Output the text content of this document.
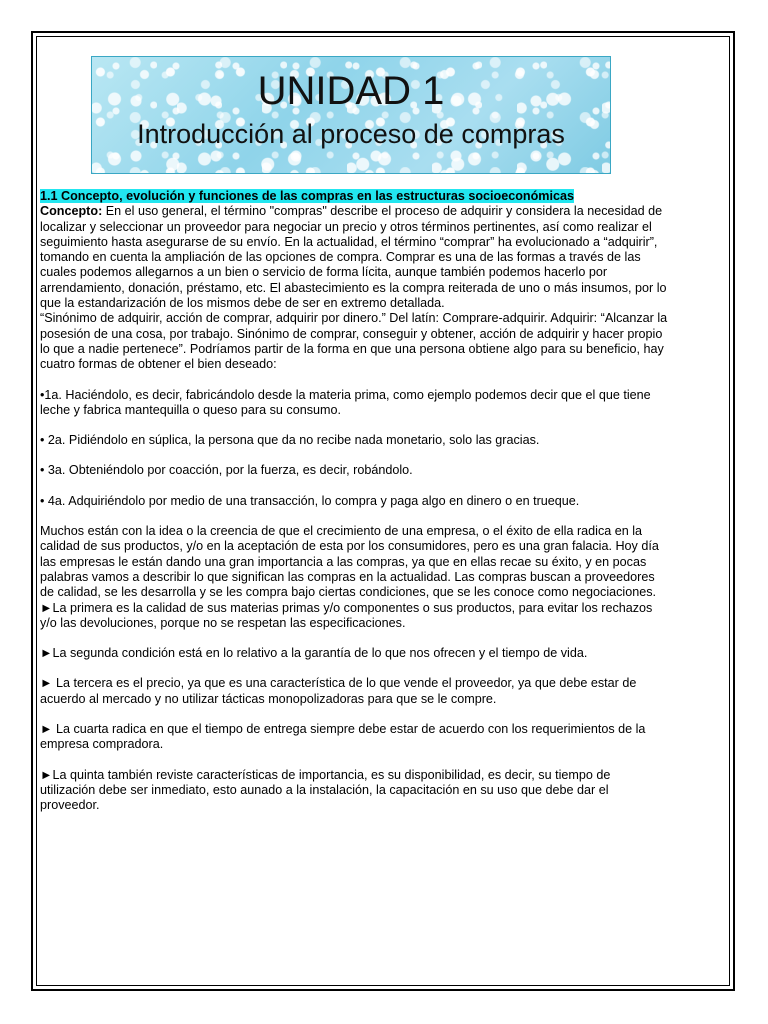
UNIDAD 1
Introducción al proceso de compras

1.1 Concepto, evolución y funciones de las compras en las estructuras socioeconómicas

Concepto: En el uso general, el término "compras" describe el proceso de adquirir y considera la necesidad de localizar y seleccionar un proveedor para negociar un precio y otros términos pertinentes, así como realizar el seguimiento hasta asegurarse de su envío. En la actualidad, el término “comprar” ha evolucionado a “adquirir”, tomando en cuenta la ampliación de las opciones de compra. Comprar es una de las formas a través de las cuales podemos allegarnos a un bien o servicio de forma lícita, aunque también podemos hacerlo por arrendamiento, donación, préstamo, etc. El abastecimiento es la compra reiterada de uno o más insumos, por lo que la estandarización de los mismos debe de ser en extremo detallada.

“Sinónimo de adquirir, acción de comprar, adquirir por dinero.” Del latín: Comprare-adquirir. Adquirir: “Alcanzar la posesión de una cosa, por trabajo. Sinónimo de comprar, conseguir y obtener, acción de adquirir y hacer propio lo que a nadie pertenece”. Podríamos partir de la forma en que una persona obtiene algo para su beneficio, hay cuatro formas de obtener el bien deseado:

•1a. Haciéndolo, es decir, fabricándolo desde la materia prima, como ejemplo podemos decir que el que tiene leche y fabrica mantequilla o queso para su consumo.

• 2a. Pidiéndolo en súplica, la persona que da no recibe nada monetario, solo las gracias.

• 3a. Obteniéndolo por coacción, por la fuerza, es decir, robándolo.

• 4a. Adquiriéndolo por medio de una transacción, lo compra y paga algo en dinero o en trueque.

Muchos están con la idea o la creencia de que el crecimiento de una empresa, o el éxito de ella radica en la calidad de sus productos, y/o en la aceptación de esta por los consumidores, pero es una gran falacia. Hoy día las empresas le están dando una gran importancia a las compras, ya que en ellas recae su éxito, y en pocas palabras vamos a describir lo que significan las compras en la actualidad. Las compras buscan a proveedores de calidad, se les desarrolla y se les compra bajo ciertas condiciones, que se les conoce como negociaciones.

►La primera es la calidad de sus materias primas y/o componentes o sus productos, para evitar los rechazos y/o las devoluciones, porque no se respetan las especificaciones.

►La segunda condición está en lo relativo a la garantía de lo que nos ofrecen y el tiempo de vida.

► La tercera es el precio, ya que es una característica de lo que vende el proveedor, ya que debe estar de acuerdo al mercado y no utilizar tácticas monopolizadoras para que se le compre.

► La cuarta radica en que el tiempo de entrega siempre debe estar de acuerdo con los requerimientos de la empresa compradora.

►La quinta también reviste características de importancia, es su disponibilidad, es decir, su tiempo de utilización debe ser inmediato, esto aunado a la instalación, la capacitación en su uso que debe dar el proveedor.
